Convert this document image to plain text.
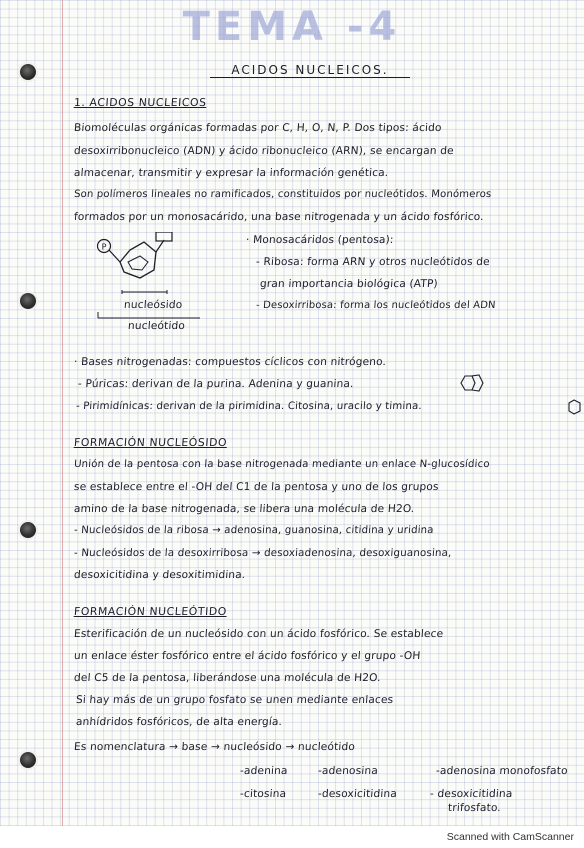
TEMA -4
ACIDOS NUCLEICOS.
1. ACIDOS NUCLEICOS
Biomoléculas orgánicas formadas por C, H, O, N, P. Dos tipos: ácido
desoxirribonucleico (ADN) y ácido ribonucleico (ARN), se encargan de
almacenar, transmitir y expresar la información genética.
Son polímeros lineales no ramificados, constituidos por nucleótidos. Monómeros
formados por un monosacárido, una base nitrogenada y un ácido fosfórico.
P
nucleósido
nucleótido
· Monosacáridos (pentosa):
- Ribosa: forma ARN y otros nucleótidos de
gran importancia biológica (ATP)
- Desoxirribosa: forma los nucleótidos del ADN
· Bases nitrogenadas: compuestos cíclicos con nitrógeno.
- Púricas: derivan de la purina. Adenina y guanina.
- Pirimidínicas: derivan de la pirimidina. Citosina, uracilo y timina.
FORMACIÓN NUCLEÓSIDO
Unión de la pentosa con la base nitrogenada mediante un enlace N-glucosídico
se establece entre el -OH del C1 de la pentosa y uno de los grupos
amino de la base nitrogenada, se libera una molécula de H2O.
- Nucleósidos de la ribosa → adenosina, guanosina, citidina y uridina
- Nucleósidos de la desoxirribosa → desoxiadenosina, desoxiguanosina,
desoxicitidina y desoxitimidina.
FORMACIÓN NUCLEÓTIDO
Esterificación de un nucleósido con un ácido fosfórico. Se establece
un enlace éster fosfórico entre el ácido fosfórico y el grupo -OH
del C5 de la pentosa, liberándose una molécula de H2O.
Si hay más de un grupo fosfato se unen mediante enlaces
anhídridos fosfóricos, de alta energía.
Es nomenclatura → base → nucleósido → nucleótido
-adenina	-adenosina	-adenosina monofosfato
-citosina	-desoxicitidina	- desoxicitidina
trifosfato.
Scanned with CamScanner
